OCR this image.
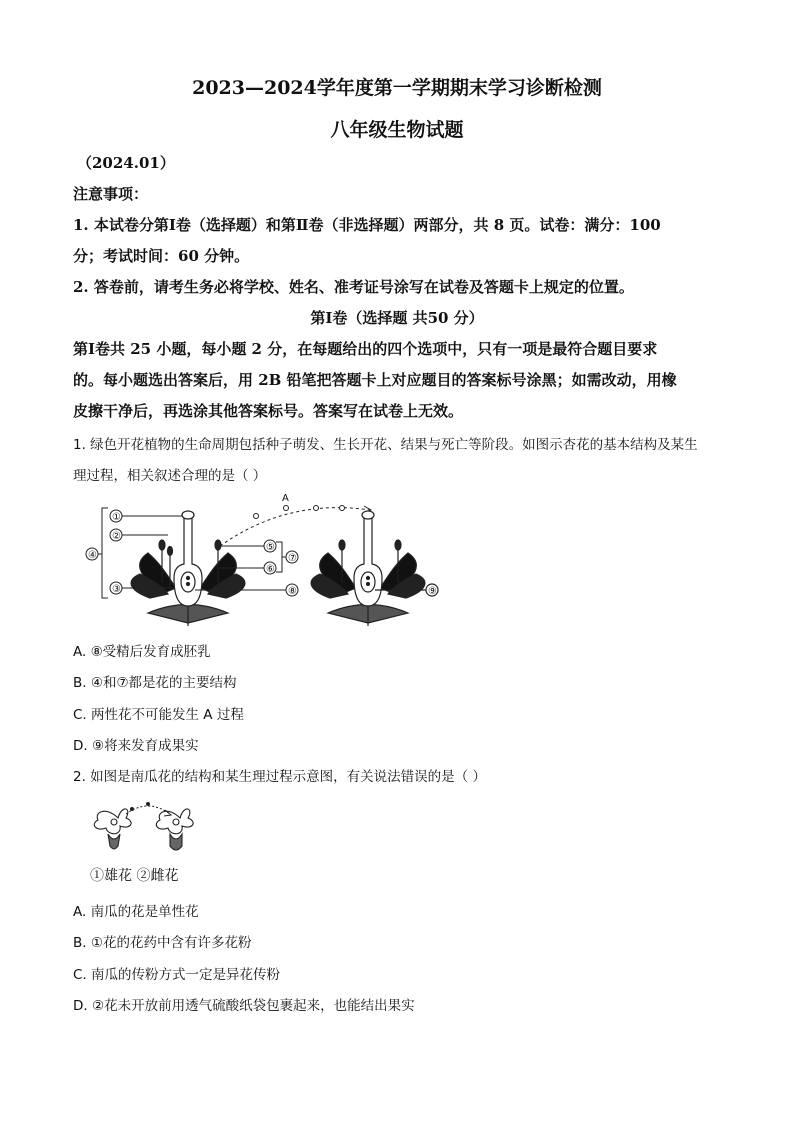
2023—2024学年度第一学期期末学习诊断检测
八年级生物试题
（2024.01）
注意事项：
1. 本试卷分第Ⅰ卷（选择题）和第Ⅱ卷（非选择题）两部分，共 8 页。试卷：满分：100
分；考试时间：60 分钟。
2. 答卷前，请考生务必将学校、姓名、准考证号涂写在试卷及答题卡上规定的位置。
第Ⅰ卷（选择题 共50 分）
第Ⅰ卷共 25 小题，每小题 2 分，在每题给出的四个选项中，只有一项是最符合题目要求
的。每小题选出答案后，用 2B 铅笔把答题卡上对应题目的答案标号涂黑；如需改动，用橡
皮擦干净后，再选涂其他答案标号。答案写在试卷上无效。
1. 绿色开花植物的生命周期包括种子萌发、生长开花、结果与死亡等阶段。如图示杏花的基本结构及某生
理过程，相关叙述合理的是（ ）
①
②
③
④
⑤
⑥
⑦
⑧
A
⑨
A. ⑧受精后发育成胚乳
B. ④和⑦都是花的主要结构
C. 两性花不可能发生 A 过程
D. ⑨将来发育成果实
2. 如图是南瓜花的结构和某生理过程示意图，有关说法错误的是（ ）
①雄花 ②雌花
A. 南瓜的花是单性花
B. ①花的花药中含有许多花粉
C. 南瓜的传粉方式一定是异花传粉
D. ②花未开放前用透气硫酸纸袋包裹起来，也能结出果实
